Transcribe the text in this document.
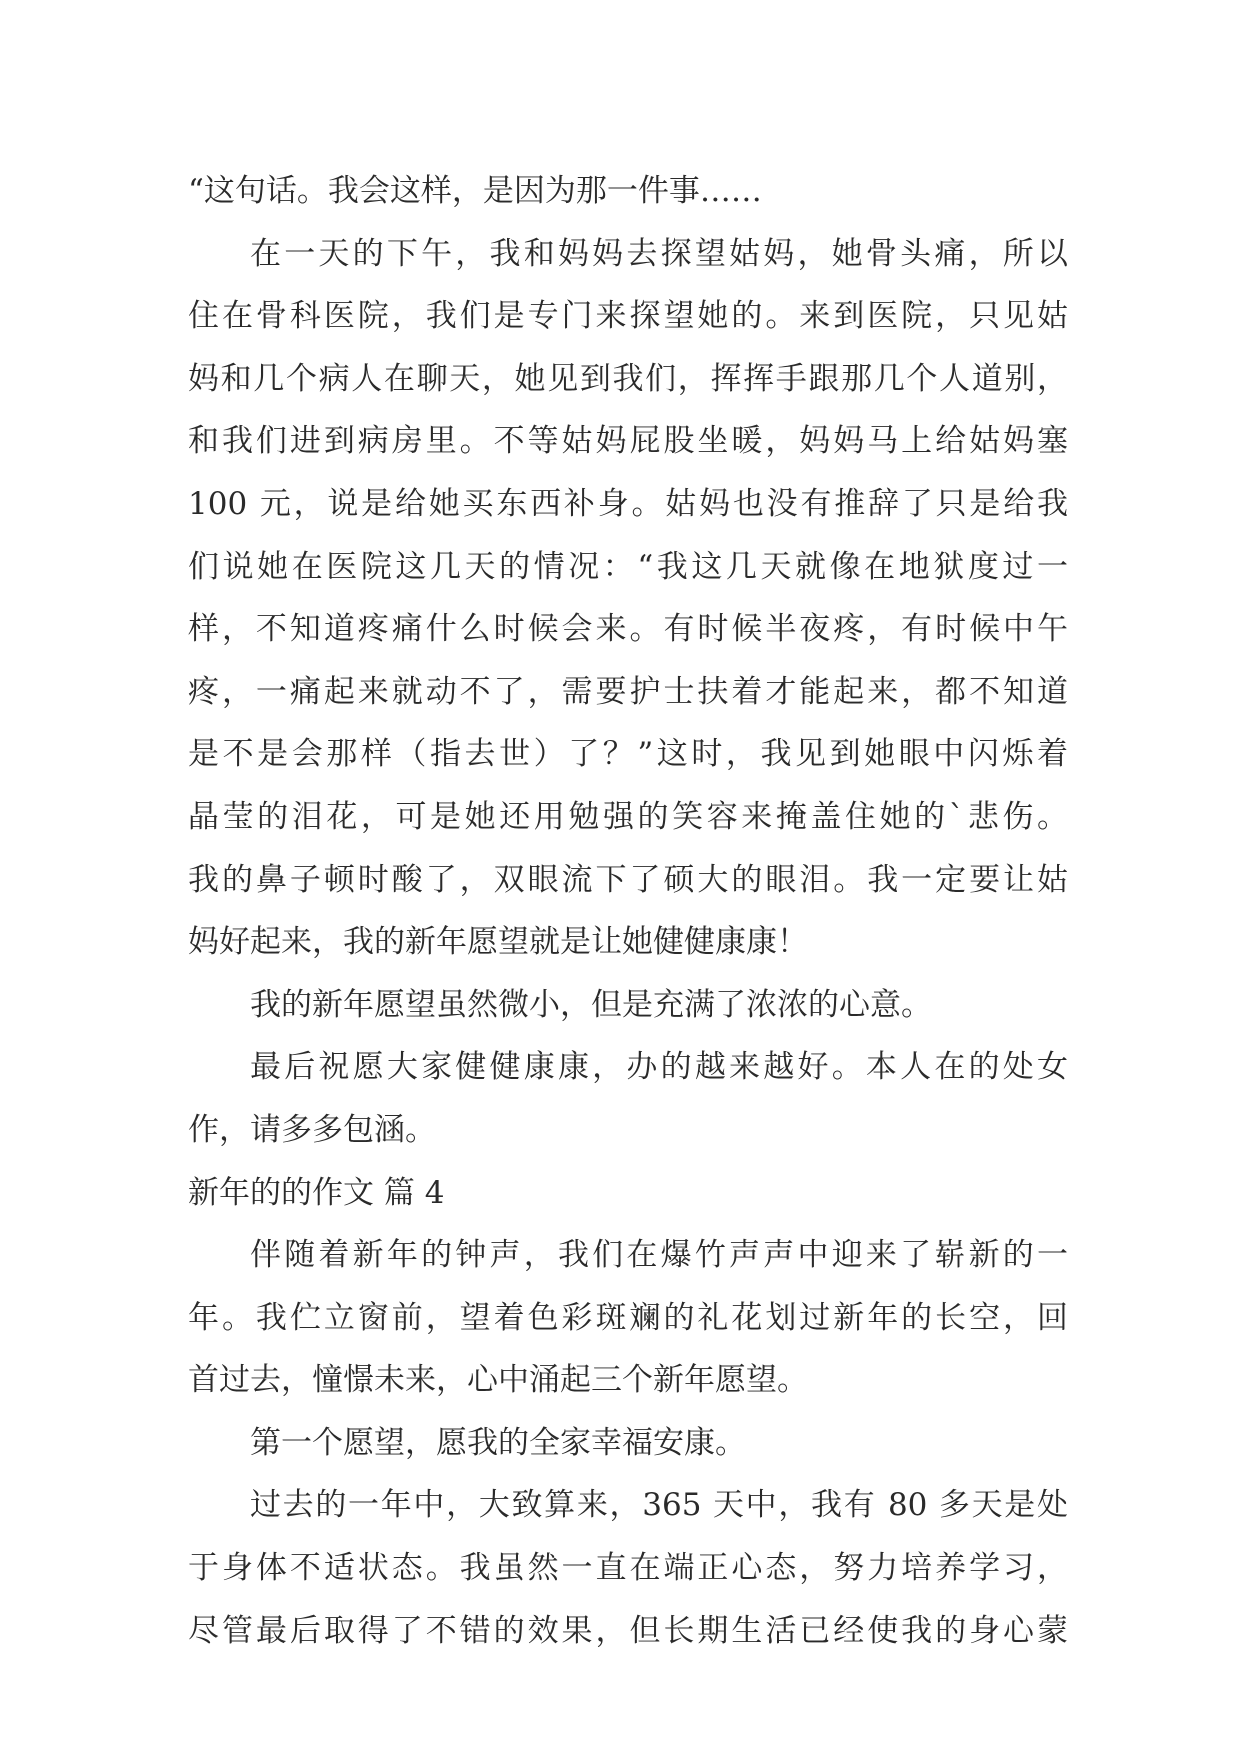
“这句话。我会这样，是因为那一件事……
在一天的下午，我和妈妈去探望姑妈，她骨头痛，所以
住在骨科医院，我们是专门来探望她的。来到医院，只见姑
妈和几个病人在聊天，她见到我们，挥挥手跟那几个人道别，
和我们进到病房里。不等姑妈屁股坐暖，妈妈马上给姑妈塞
100 元，说是给她买东西补身。姑妈也没有推辞了只是给我
们说她在医院这几天的情况：“我这几天就像在地狱度过一
样，不知道疼痛什么时候会来。有时候半夜疼，有时候中午
疼，一痛起来就动不了，需要护士扶着才能起来，都不知道
是不是会那样（指去世）了？”这时，我见到她眼中闪烁着
晶莹的泪花，可是她还用勉强的笑容来掩盖住她的`悲伤。
我的鼻子顿时酸了，双眼流下了硕大的眼泪。我一定要让姑
妈好起来，我的新年愿望就是让她健健康康！
我的新年愿望虽然微小，但是充满了浓浓的心意。
最后祝愿大家健健康康，办的越来越好。本人在的处女
作，请多多包涵。
新年的的作文 篇 4
伴随着新年的钟声，我们在爆竹声声中迎来了崭新的一
年。我伫立窗前，望着色彩斑斓的礼花划过新年的长空，回
首过去，憧憬未来，心中涌起三个新年愿望。
第一个愿望，愿我的全家幸福安康。
过去的一年中，大致算来，365 天中，我有 80 多天是处
于身体不适状态。我虽然一直在端正心态，努力培养学习，
尽管最后取得了不错的效果，但长期生活已经使我的身心蒙
